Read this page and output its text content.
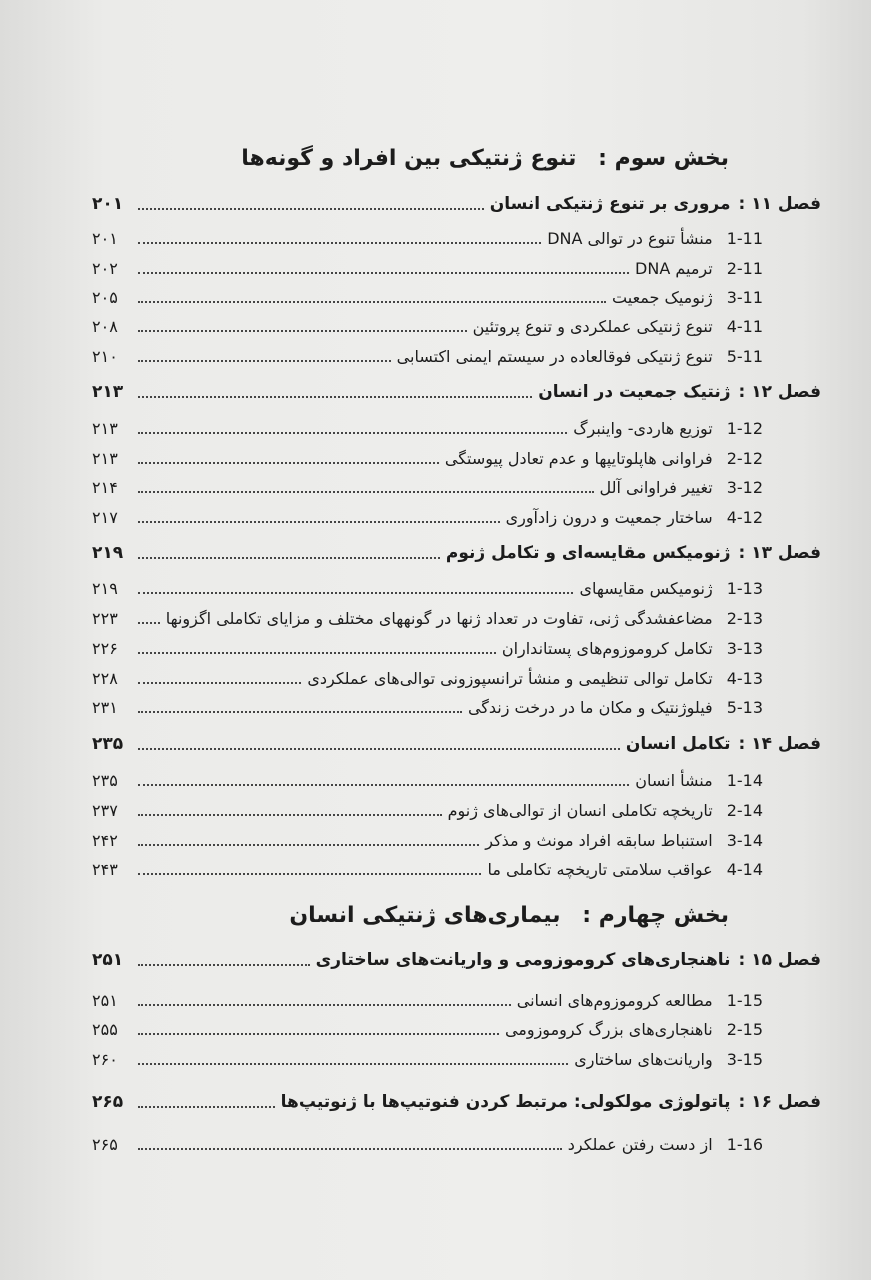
بخش سوم : تنوع ژنتیکی بین افراد و گونه‌ها
فصل ۱۱ :
مروری بر تنوع ژنتیکی انسان
۲۰۱
1-11
منشأ تنوع در توالی DNA
۲۰۱
2-11
ترمیم DNA
۲۰۲
3-11
ژنومیک جمعیت
۲۰۵
4-11
تنوع ژنتیکی عملکردی و تنوع پروتئین
۲۰۸
5-11
تنوع ژنتیکی فوقالعاده در سیستم ایمنی اکتسابی
۲۱۰
فصل ۱۲ :
ژنتیک جمعیت در انسان
۲۱۳
1-12
توزیع هاردی- واینبرگ
۲۱۳
2-12
فراوانی هاپلوتایپها و عدم تعادل پیوستگی
۲۱۳
3-12
تغییر فراوانی آلل
۲۱۴
4-12
ساختار جمعیت و درون زادآوری
۲۱۷
فصل ۱۳ :
ژنومیکس مقایسه‌ای و تکامل ژنوم
۲۱۹
1-13
ژنومیکس مقایسهای
۲۱۹
2-13
مضاعفشدگی ژنی، تفاوت در تعداد ژنها در گونههای مختلف و مزایای تکاملی اگزونها
۲۲۳
3-13
تکامل کروموزوم‌های پستانداران
۲۲۶
4-13
تکامل توالی تنظیمی و منشأ ترانسپوزونی توالی‌های عملکردی
۲۲۸
5-13
فیلوژنتیک و مکان ما در درخت زندگی
۲۳۱
فصل ۱۴ :
تکامل انسان
۲۳۵
1-14
منشأ انسان
۲۳۵
2-14
تاریخچه تکاملی انسان از توالی‌های ژنوم
۲۳۷
3-14
استنباط سابقه افراد مونث و مذکر
۲۴۲
4-14
عواقب سلامتی تاریخچه تکاملی ما
۲۴۳
بخش چهارم : بیماری‌های ژنتیکی انسان
فصل ۱۵ :
ناهنجاری‌های کروموزومی و واریانت‌های ساختاری
۲۵۱
1-15
مطالعه کروموزوم‌های انسانی
۲۵۱
2-15
ناهنجاری‌های بزرگ کروموزومی
۲۵۵
3-15
واریانت‌های ساختاری
۲۶۰
فصل ۱۶ :
پاتولوژی مولکولی: مرتبط کردن فنوتیپ‌ها با ژنوتیپ‌ها
۲۶۵
1-16
از دست رفتن عملکرد
۲۶۵
